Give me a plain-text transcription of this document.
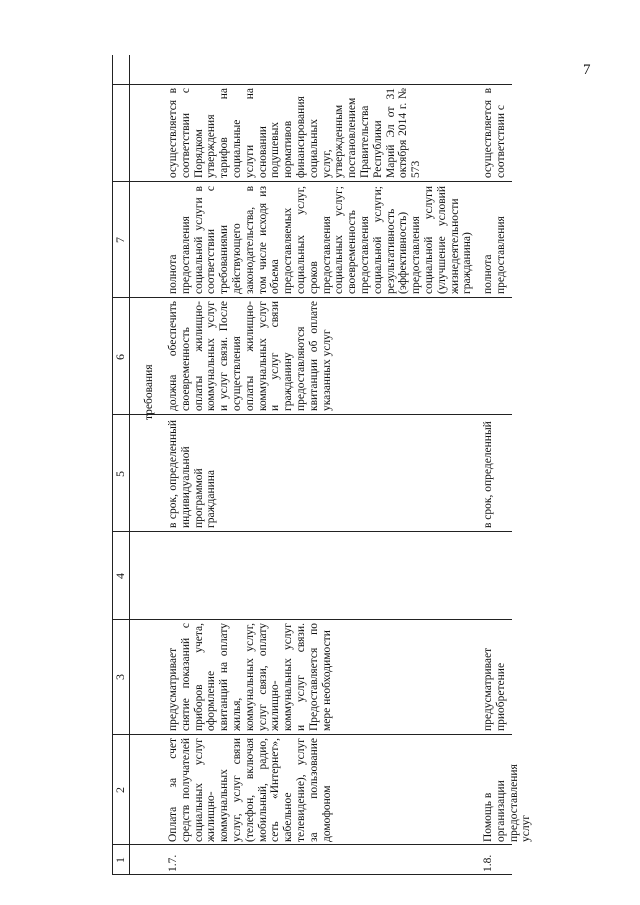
7
1
2
3
4
5
6
7
требования
1.7.
Оплата за счет средств получателей социальных услуг жилищно-коммунальных услуг, услуг связи (телефон, включая мобильный, радио, сеть «Интернет», кабельное телевидение), услуг за пользование домофоном
предусматривает снятие показаний с приборов учета, оформление квитанций на оплату жилья, коммунальных услуг, услуг связи, оплату жилищно-коммунальных услуг и услуг связи. Предоставляется по мере необходимости
в срок, определенный индивидуальной программой гражданина
должна обеспечить своевременность оплаты жилищно-коммунальных услуг и услуг связи. После осуществления оплаты жилищно-коммунальных услуг и услуг связи гражданину предоставляются квитанции об оплате указанных услуг
полнота предоставления социальной услуги в соответствии с требованиями действующего законодательства, в том числе исходя из объема предоставляемых социальных услуг, сроков предоставления социальных услуг; своевременность предоставления социальной услуги; результативность (эффективность) предоставления социальной услуги (улучшение условий жизнедеятельности гражданина)
осуществляется в соответствии с Порядком утверждения тарифов на социальные услуги на основании подушевых нормативов финансирования социальных услуг, утвержденным постановлением Правительства Республики Марий Эл от 31 октября 2014 г. № 573
1.8.
Помощь в организации предоставления услуг
предусматривает приобретение
в срок, определенный
полнота предоставления
осуществляется в соответствии с
